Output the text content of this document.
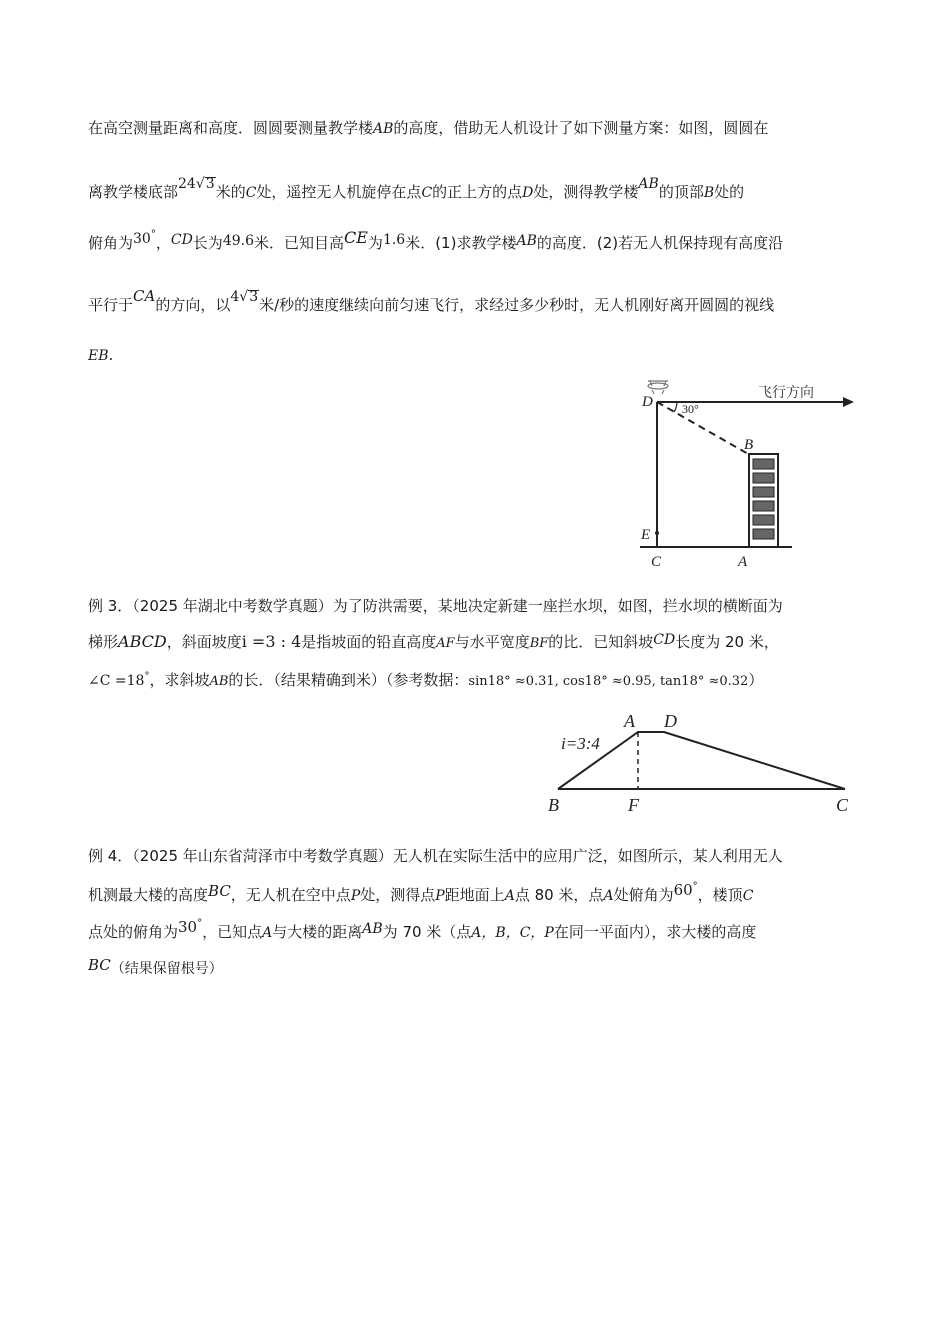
在高空测量距离和高度．圆圆要测量教学楼AB的高度，借助无人机设计了如下测量方案：如图，圆圆在
离教学楼底部24√3米的C处，遥控无人机旋停在点C的正上方的点D处，测得教学楼AB的顶部B处的
俯角为30°，CD长为49.6米．已知目高CE为1.6米．(1)求教学楼AB的高度．(2)若无人机保持现有高度沿
平行于CA的方向，以4√3米/秒的速度继续向前匀速飞行，求经过多少秒时，无人机刚好离开圆圆的视线
EB.
飞行方向
30°
D
B
E
C	A
例 3．（2025 年湖北中考数学真题）为了防洪需要，某地决定新建一座拦水坝，如图，拦水坝的横断面为
梯形ABCD，斜面坡度i =3 : 4是指坡面的铅直高度AF与水平宽度BF的比．已知斜坡CD长度为 20 米，
∠C =18°，求斜坡AB的长．（结果精确到米）（参考数据：sin18° ≈0.31, cos18° ≈0.95, tan18° ≈0.32）
i=3:4
A D
B	F	C
例 4．（2025 年山东省菏泽市中考数学真题）无人机在实际生活中的应用广泛，如图所示，某人利用无人
机测最大楼的高度BC，无人机在空中点P处，测得点P距地面上A点 80 米，点A处俯角为60°，楼顶C
点处的俯角为30°，已知点A与大楼的距离AB为 70 米（点A，B，C，P在同一平面内），求大楼的高度
BC（结果保留根号）
